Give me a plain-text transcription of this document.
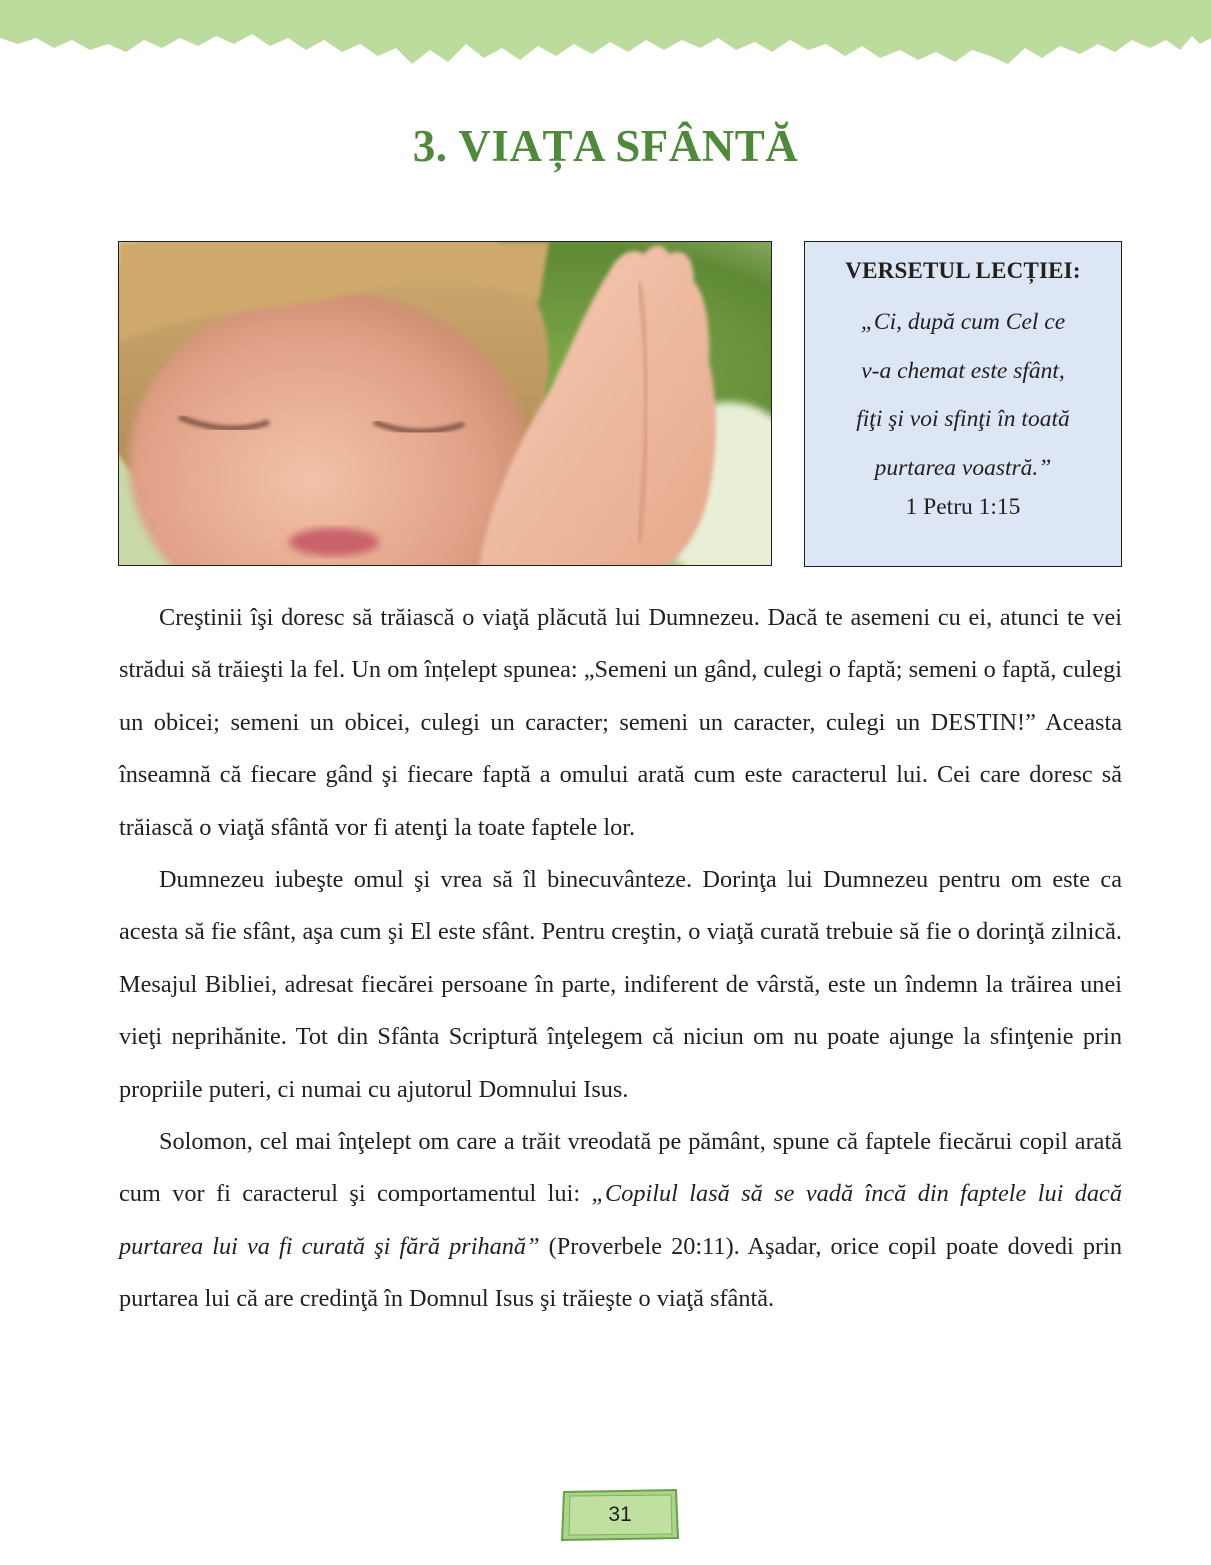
3. VIAȚA SFÂNTĂ
VERSETUL LECȚIEI:
„Ci, după cum Cel ce
v-a chemat este sfânt,
fiţi şi voi sfinţi în toată
purtarea voastră.”
1 Petru 1:15

Creştinii îşi doresc să trăiască o viaţă plăcută lui Dumnezeu. Dacă te asemeni cu ei, atunci te vei strădui să trăieşti la fel. Un om înțelept spunea: „Semeni un gând, culegi o faptă; semeni o faptă, culegi un obicei; semeni un obicei, culegi un caracter; semeni un caracter, culegi un DESTIN!” Aceasta înseamnă că fiecare gând şi fiecare faptă a omului arată cum este caracterul lui. Cei care doresc să trăiască o viaţă sfântă vor fi atenţi la toate faptele lor.

Dumnezeu iubeşte omul şi vrea să îl binecuvânteze. Dorinţa lui Dumnezeu pentru om este ca acesta să fie sfânt, aşa cum şi El este sfânt. Pentru creştin, o viaţă curată trebuie să fie o dorinţă zilnică. Mesajul Bibliei, adresat fiecărei persoane în parte, indiferent de vârstă, este un îndemn la trăirea unei vieţi neprihănite. Tot din Sfânta Scriptură înţelegem că niciun om nu poate ajunge la sfinţenie prin propriile puteri, ci numai cu ajutorul Domnului Isus.

Solomon, cel mai înţelept om care a trăit vreodată pe pământ, spune că faptele fiecărui copil arată cum vor fi caracterul şi comportamentul lui: „Copilul lasă să se vadă încă din faptele lui dacă purtarea lui va fi curată şi fără prihană” (Proverbele 20:11). Aşadar, orice copil poate dovedi prin purtarea lui că are credinţă în Domnul Isus şi trăieşte o viaţă sfântă.

31
